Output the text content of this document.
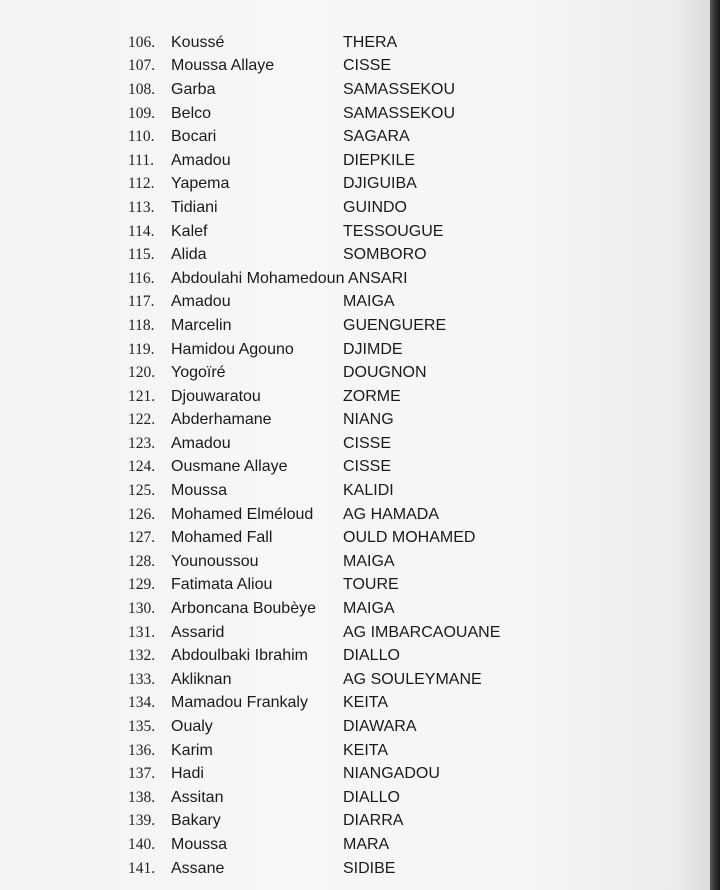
106. Koussé	THERA
107. Moussa Allaye	CISSE
108. Garba	SAMASSEKOU
109. Belco	SAMASSEKOU
110.	Bocari	SAGARA
111.	Amadou	DIEPKILE
112.	Yapema	DJIGUIBA
113.	Tidiani	GUINDO
114.	Kalef	TESSOUGUE
115.	Alida	SOMBORO
116.	Abdoulahi Mohamedoun ANSARI
117.	Amadou	MAIGA
118.	Marcelin	GUENGUERE
119.	Hamidou Agouno	DJIMDE
120. Yogoïré	DOUGNON
121. Djouwaratou	ZORME
122. Abderhamane	NIANG
123. Amadou	CISSE
124. Ousmane Allaye	CISSE
125. Moussa	KALIDI
126. Mohamed Elméloud	AG HAMADA
127. Mohamed Fall	OULD MOHAMED
128. Younoussou	MAIGA
129. Fatimata Aliou	TOURE
130. Arboncana Boubèye	MAIGA
131. Assarid	AG IMBARCAOUANE
132. Abdoulbaki Ibrahim	DIALLO
133. Akliknan	AG SOULEYMANE
134. Mamadou Frankaly	KEITA
135. Oualy	DIAWARA
136. Karim	KEITA
137. Hadi	NIANGADOU
138. Assitan	DIALLO
139. Bakary	DIARRA
140. Moussa	MARA
141. Assane	SIDIBE
